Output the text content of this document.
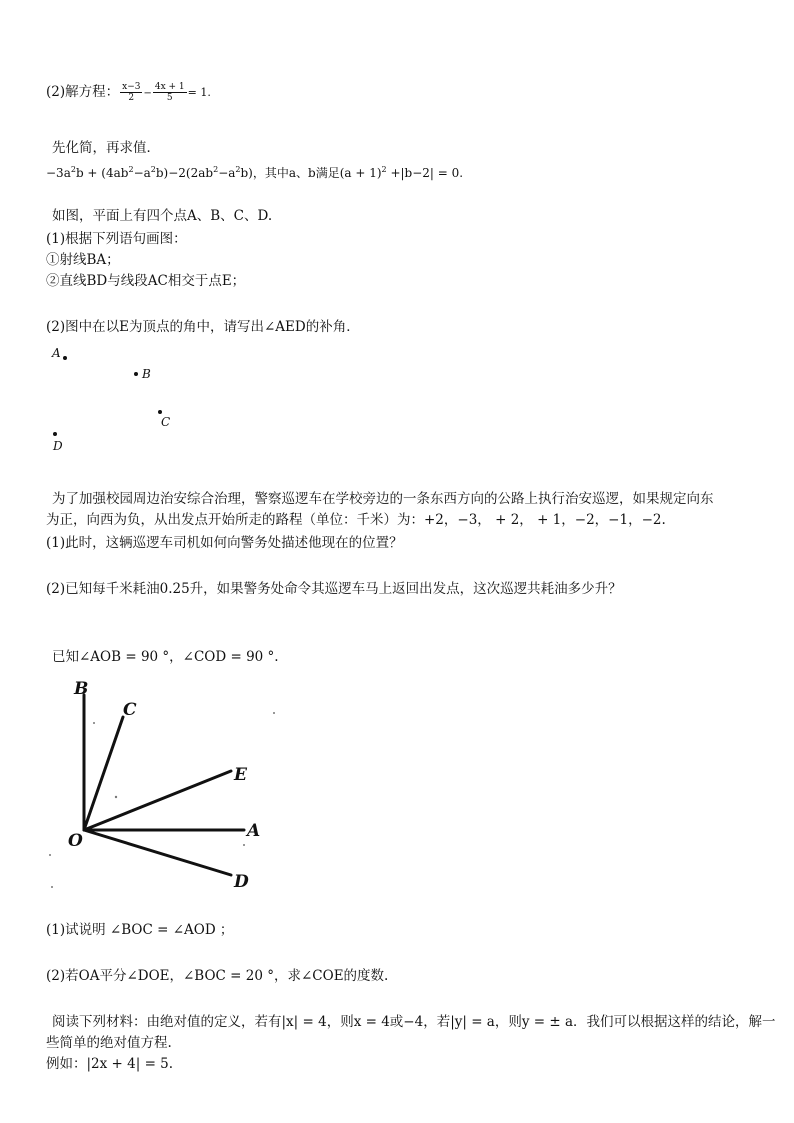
(2)解方程： $\frac{x-3}{2} - \frac{4x + 1}{5} = 1$.
先化简，再求值．
$-3a^2b + (4ab^2-a^2b)-2(2ab^2-a^2b)$，其中a、b满足$(a + 1)^2 +|b-2| = 0$.
如图，平面上有四个点A、B、C、D.
(1)根据下列语句画图：
①射线BA；
②直线BD与线段AC相交于点E；
(2)图中在以E为顶点的角中，请写出∠AED的补角．
A
B
C
D
为了加强校园周边治安综合治理，警察巡逻车在学校旁边的一条东西方向的公路上执行治安巡逻，如果规定向东
为正，向西为负，从出发点开始所走的路程（单位：千米）为：+2，−3， + 2， + 1，−2，−1，−2.
(1)此时，这辆巡逻车司机如何向警务处描述他现在的位置？
(2)已知每千米耗油0.25升，如果警务处命令其巡逻车马上返回出发点，这次巡逻共耗油多少升？
已知∠AOB = 90 °，∠COD = 90 °.
B
C
E
O	A
D
(1)试说明 ∠BOC = ∠AOD ；
(2)若OA平分∠DOE，∠BOC = 20 °，求∠COE的度数.
阅读下列材料：由绝对值的定义，若有|x| = 4，则x = 4或−4，若|y| = a，则y = ± a．我们可以根据这样的结论，解一
些简单的绝对值方程.
例如：|2x + 4| = 5.
